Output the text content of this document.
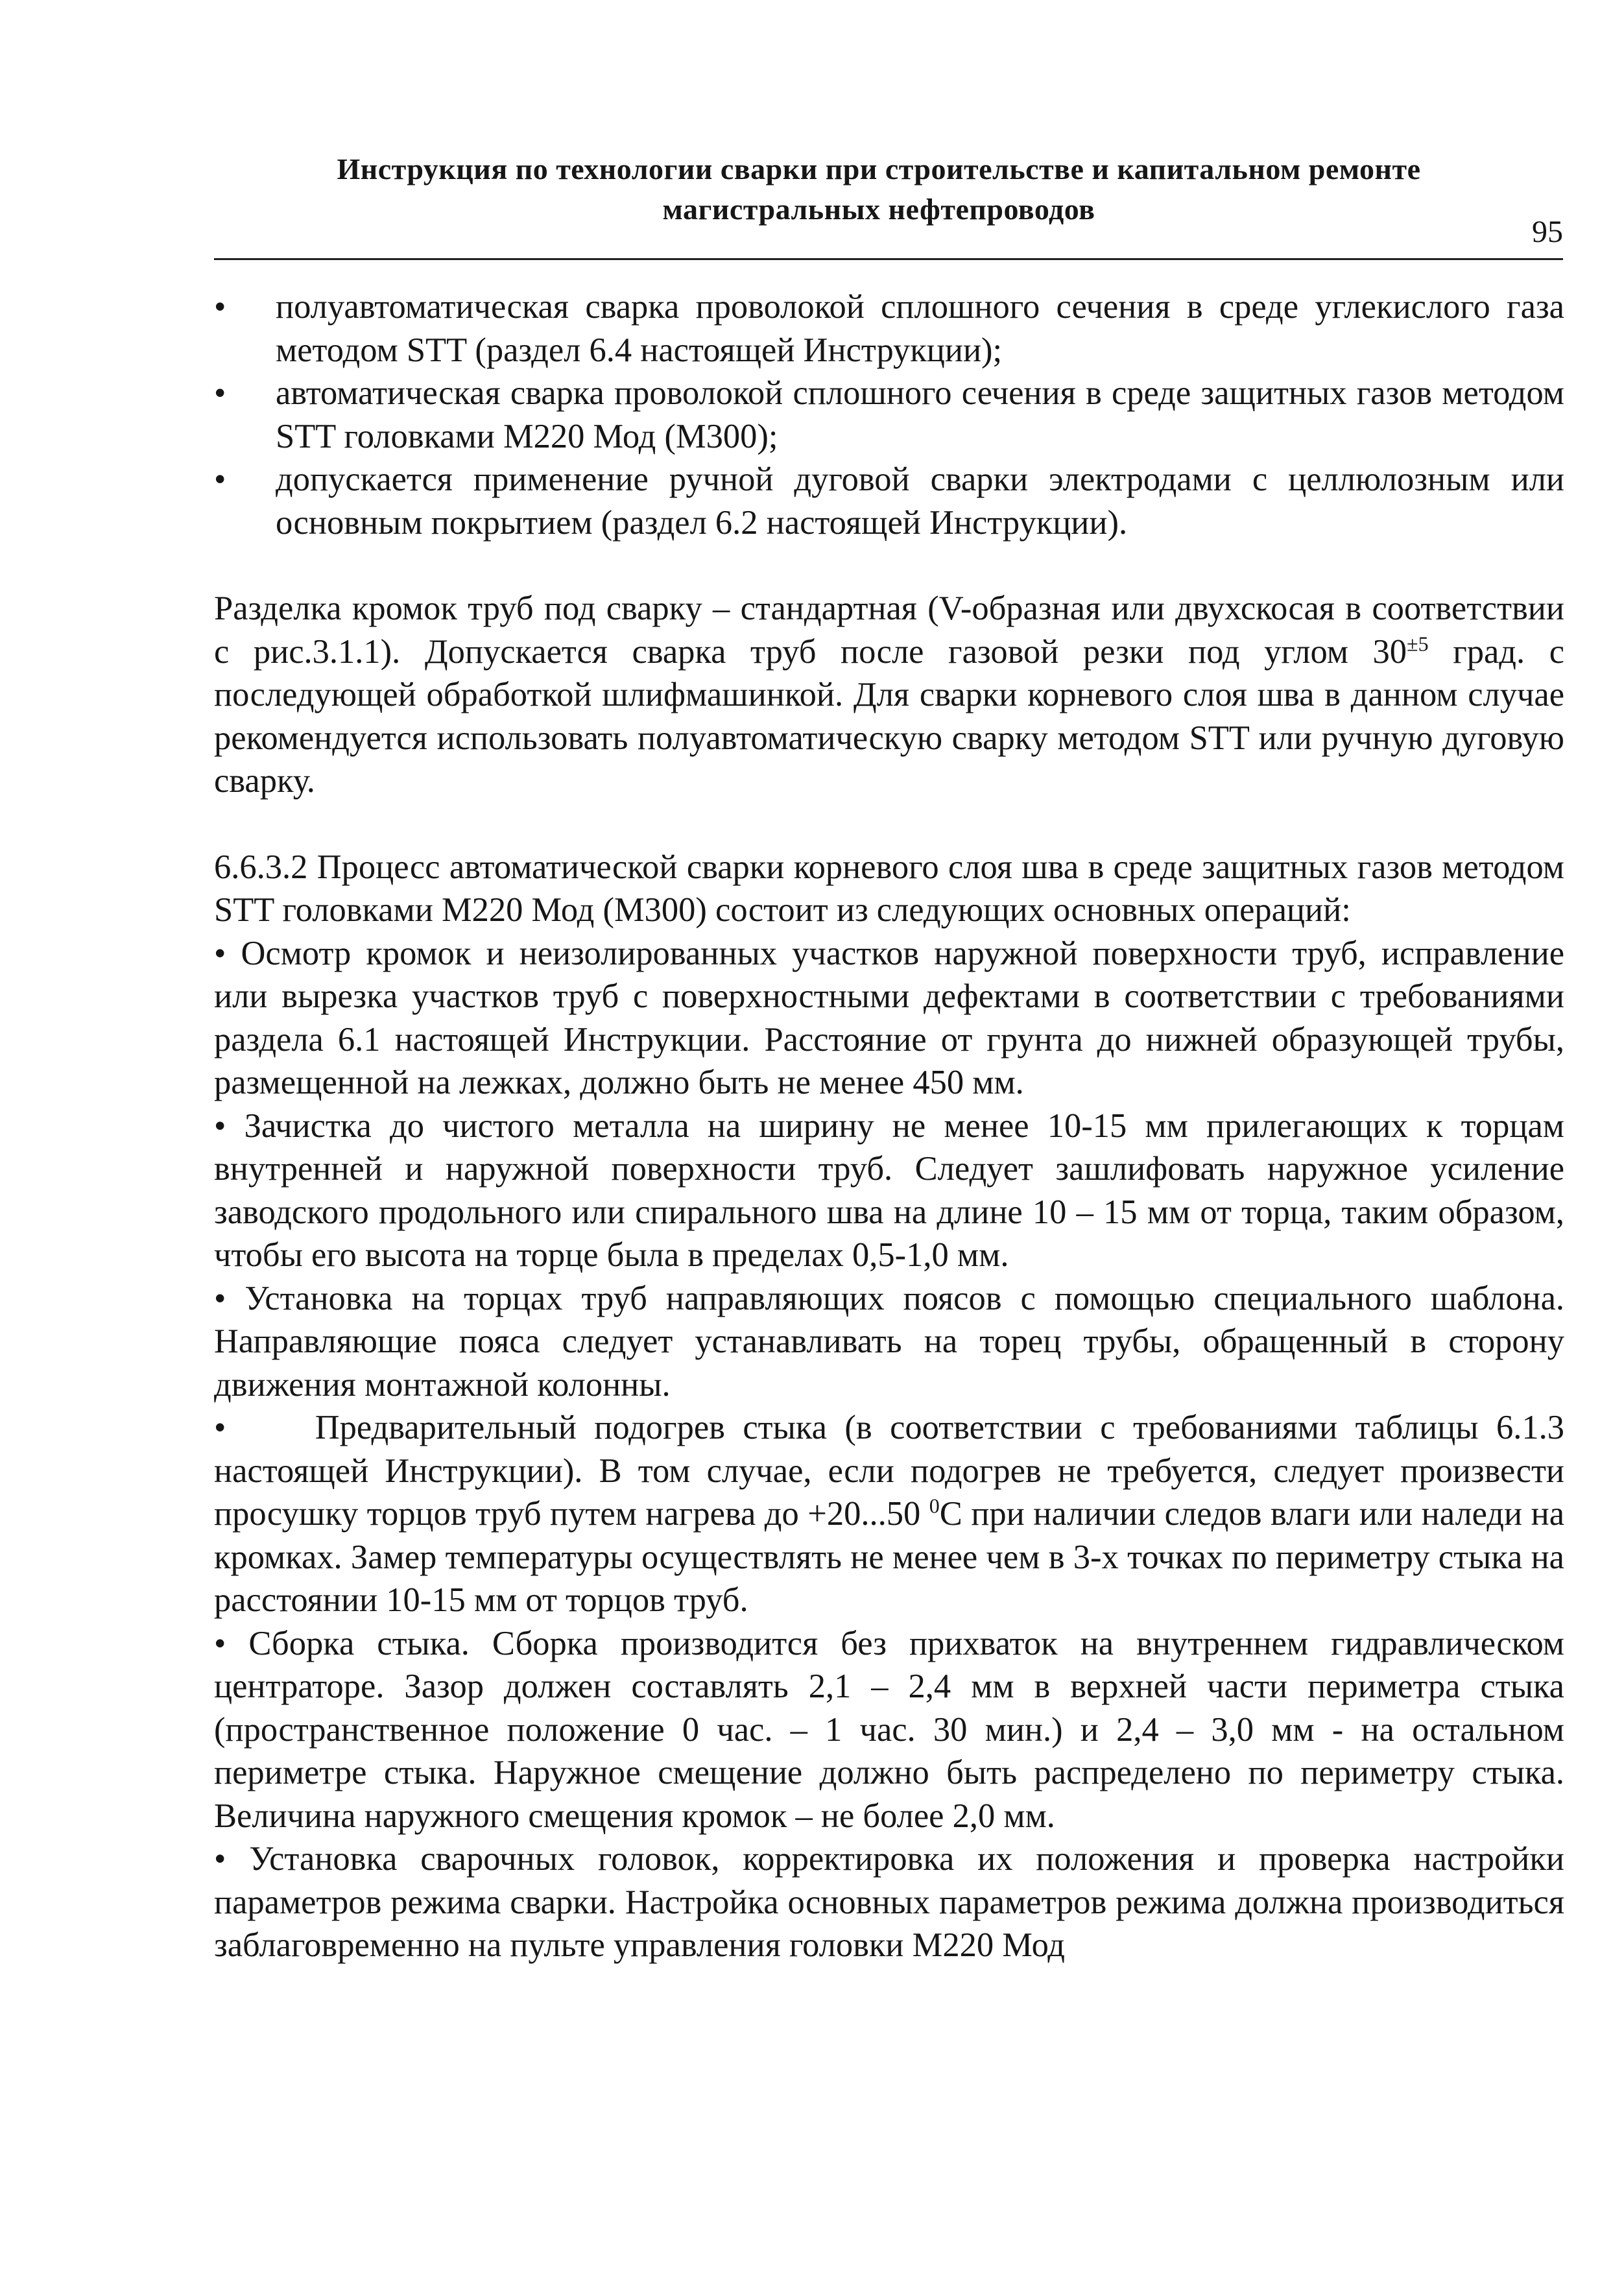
Инструкция по технологии сварки при строительстве и капитальном ремонте
магистральных нефтепроводов
95
• полуавтоматическая сварка проволокой сплошного сечения в среде углекислого газа методом STT (раздел 6.4 настоящей Инструкции);
• автоматическая сварка проволокой сплошного сечения в среде защитных газов методом STT головками M220 Мод (M300);
• допускается применение ручной дуговой сварки электродами с целлюлозным или основным покрытием (раздел 6.2 настоящей Инструкции).

Разделка кромок труб под сварку – стандартная (V-образная или двухскосая в соответствии с рис.3.1.1). Допускается сварка труб после газовой резки под углом $30^{\pm 5}$ град. с последующей обработкой шлифмашинкой. Для сварки корневого слоя шва в данном случае рекомендуется использовать полуавтоматическую сварку методом STT или ручную дуговую сварку.

6.6.3.2 Процесс автоматической сварки корневого слоя шва в среде защитных газов методом STT головками M220 Мод (M300) состоит из следующих основных операций:

• Осмотр кромок и неизолированных участков наружной поверхности труб, исправление или вырезка участков труб с поверхностными дефектами в соответствии с требованиями раздела 6.1 настоящей Инструкции. Расстояние от грунта до нижней образующей трубы, размещенной на лежках, должно быть не менее 450 мм.

• Зачистка до чистого металла на ширину не менее 10-15 мм прилегающих к торцам внутренней и наружной поверхности труб. Следует зашлифовать наружное усиление заводского продольного или спирального шва на длине 10 – 15 мм от торца, таким образом, чтобы его высота на торце была в пределах 0,5-1,0 мм.

• Установка на торцах труб направляющих поясов с помощью специального шаблона. Направляющие пояса следует устанавливать на торец трубы, обращенный в сторону движения монтажной колонны.

•	Предварительный подогрев стыка (в соответствии с требованиями таблицы 6.1.3 настоящей Инструкции). В том случае, если подогрев не требуется, следует произвести просушку торцов труб путем нагрева до +20...50 $^0$С при наличии следов влаги или наледи на кромках. Замер температуры осуществлять не менее чем в 3-х точках по периметру стыка на расстоянии 10-15 мм от торцов труб.

• Сборка стыка. Сборка производится без прихваток на внутреннем гидравлическом центраторе. Зазор должен составлять 2,1 – 2,4 мм в верхней части периметра стыка (пространственное положение 0 час. – 1 час. 30 мин.) и 2,4 – 3,0 мм - на остальном периметре стыка. Наружное смещение должно быть распределено по периметру стыка. Величина наружного смещения кромок – не более 2,0 мм.

• Установка сварочных головок, корректировка их положения и проверка настройки параметров режима сварки. Настройка основных параметров режима должна производиться заблаговременно на пульте управления головки M220 Мод
